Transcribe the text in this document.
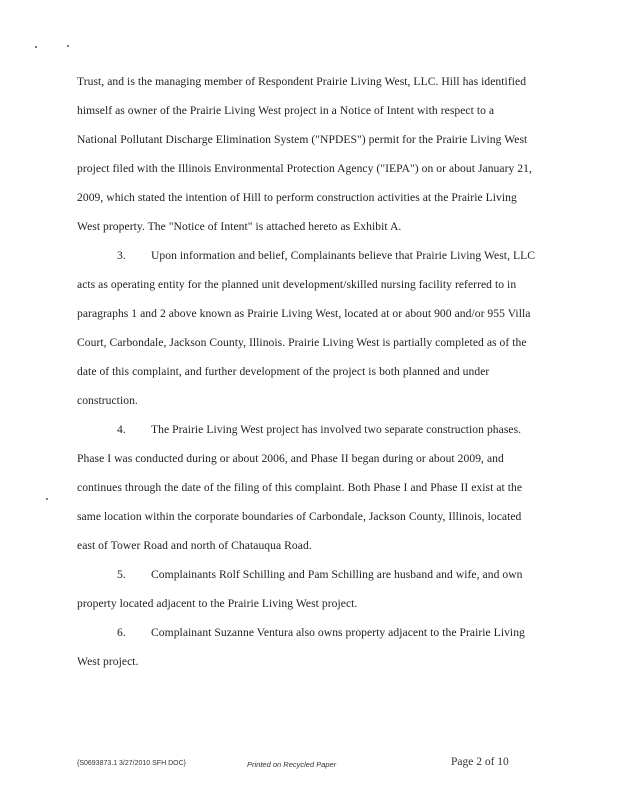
Trust, and is the managing member of Respondent Prairie Living West, LLC. Hill has identified
himself as owner of the Prairie Living West project in a Notice of Intent with respect to a
National Pollutant Discharge Elimination System ("NPDES") permit for the Prairie Living West
project filed with the Illinois Environmental Protection Agency ("IEPA") on or about January 21,
2009, which stated the intention of Hill to perform construction activities at the Prairie Living
West property. The "Notice of Intent" is attached hereto as Exhibit A.
3.	Upon information and belief, Complainants believe that Prairie Living West, LLC
acts as operating entity for the planned unit development/skilled nursing facility referred to in
paragraphs 1 and 2 above known as Prairie Living West, located at or about 900 and/or 955 Villa
Court, Carbondale, Jackson County, Illinois. Prairie Living West is partially completed as of the
date of this complaint, and further development of the project is both planned and under
construction.
4.	The Prairie Living West project has involved two separate construction phases.
Phase I was conducted during or about 2006, and Phase II began during or about 2009, and
continues through the date of the filing of this complaint. Both Phase I and Phase II exist at the
same location within the corporate boundaries of Carbondale, Jackson County, Illinois, located
east of Tower Road and north of Chatauqua Road.
5.	Complainants Rolf Schilling and Pam Schilling are husband and wife, and own
property located adjacent to the Prairie Living West project.
6.	Complainant Suzanne Ventura also owns property adjacent to the Prairie Living
West project.
{S0693873.1 3/27/2010 SFH DOC}	Printed on Recycled Paper	Page 2 of 10
